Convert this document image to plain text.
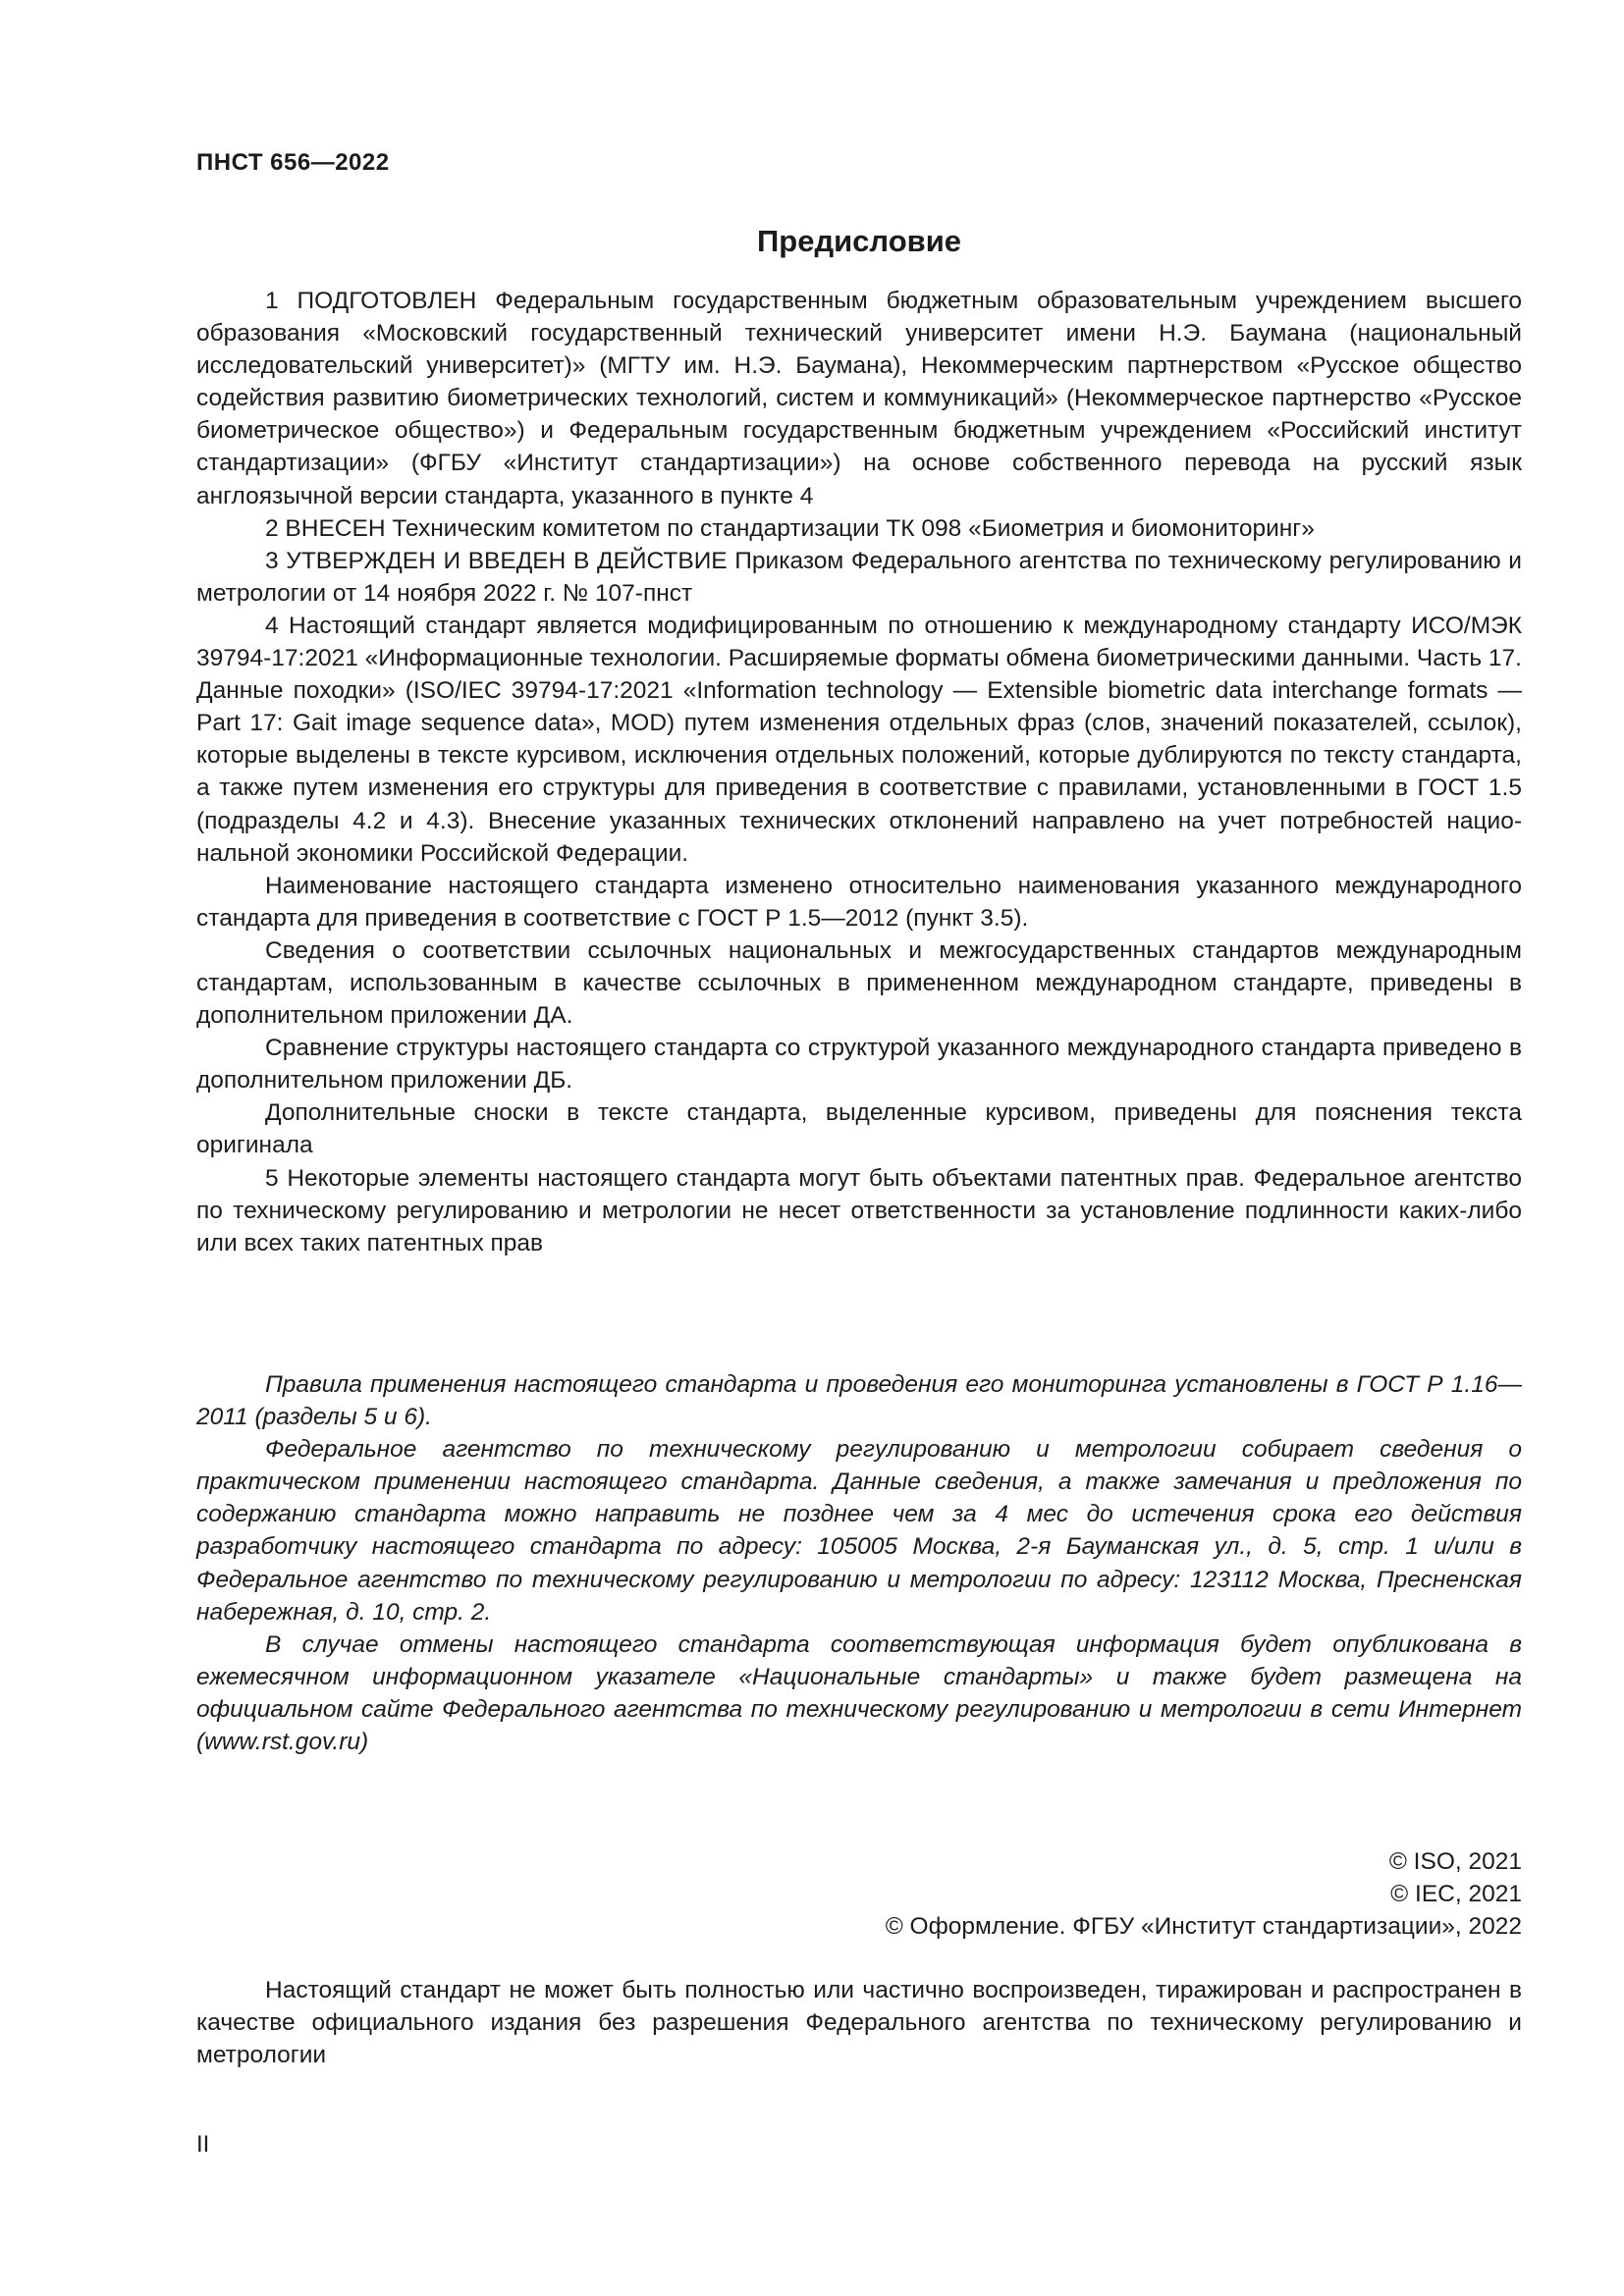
ПНСТ 656—2022
Предисловие

1 ПОДГОТОВЛЕН Федеральным государственным бюджетным образовательным учреждением высшего образования «Московский государственный технический университет имени Н.Э. Баумана (национальный исследовательский университет)» (МГТУ им. Н.Э. Баумана), Некоммерческим партнерством «Русское общество содействия развитию биометрических технологий, систем и коммуникаций» (Некоммерческое партнерство «Русское биометрическое общество») и Федеральным государственным бюджетным учреждением «Российский институт стандартизации» (ФГБУ «Институт стандартизации») на основе собственного перевода на русский язык англоязычной версии стандарта, указанного в пункте 4

2 ВНЕСЕН Техническим комитетом по стандартизации ТК 098 «Биометрия и биомониторинг»

3 УТВЕРЖДЕН И ВВЕДЕН В ДЕЙСТВИЕ Приказом Федерального агентства по техническому регулированию и метрологии от 14 ноября 2022 г. № 107-пнст

4 Настоящий стандарт является модифицированным по отношению к международному стандарту ИСО/МЭК 39794-17:2021 «Информационные технологии. Расширяемые форматы обмена биометрическими данными. Часть 17. Данные походки» (ISO/IEC 39794-17:2021 «Information technology — Extensible biometric data interchange formats — Part 17: Gait image sequence data», MOD) путем изменения отдельных фраз (слов, значений показателей, ссылок), которые выделены в тексте курсивом, исключения отдельных положений, которые дублируются по тексту стандарта, а также путем изменения его структуры для приведения в соответствие с правилами, установленными в ГОСТ 1.5 (подразделы 4.2 и 4.3). Внесение указанных технических отклонений направлено на учет потребностей национальной экономики Российской Федерации.

Наименование настоящего стандарта изменено относительно наименования указанного международного стандарта для приведения в соответствие с ГОСТ Р 1.5—2012 (пункт 3.5).

Сведения о соответствии ссылочных национальных и межгосударственных стандартов международным стандартам, использованным в качестве ссылочных в примененном международном стандарте, приведены в дополнительном приложении ДА.

Сравнение структуры настоящего стандарта со структурой указанного международного стандарта приведено в дополнительном приложении ДБ.

Дополнительные сноски в тексте стандарта, выделенные курсивом, приведены для пояснения текста оригинала

5 Некоторые элементы настоящего стандарта могут быть объектами патентных прав. Федеральное агентство по техническому регулированию и метрологии не несет ответственности за установление подлинности каких-либо или всех таких патентных прав

Правила применения настоящего стандарта и проведения его мониторинга установлены в ГОСТ Р 1.16—2011 (разделы 5 и 6).

Федеральное агентство по техническому регулированию и метрологии собирает сведения о практическом применении настоящего стандарта. Данные сведения, а также замечания и предложения по содержанию стандарта можно направить не позднее чем за 4 мес до истечения срока его действия разработчику настоящего стандарта по адресу: 105005 Москва, 2-я Бауманская ул., д. 5, стр. 1 и/или в Федеральное агентство по техническому регулированию и метрологии по адресу: 123112 Москва, Пресненская набережная, д. 10, стр. 2.

В случае отмены настоящего стандарта соответствующая информация будет опубликована в ежемесячном информационном указателе «Национальные стандарты» и также будет размещена на официальном сайте Федерального агентства по техническому регулированию и метрологии в сети Интернет (www.rst.gov.ru)

© ISO, 2021
© IEC, 2021
© Оформление. ФГБУ «Институт стандартизации», 2022

Настоящий стандарт не может быть полностью или частично воспроизведен, тиражирован и распространен в качестве официального издания без разрешения Федерального агентства по техническому регулированию и метрологии

II
